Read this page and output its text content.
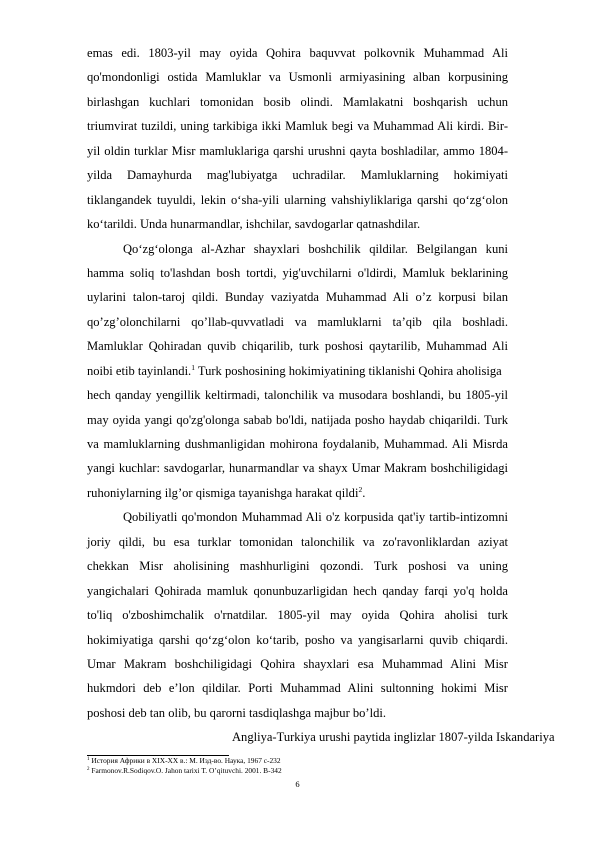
emas edi. 1803-yil may oyida Qohira baquvvat polkovnik Muhammad Ali
qo'mondonligi ostida Mamluklar va Usmonli armiyasining alban korpusining
birlashgan kuchlari tomonidan bosib olindi. Mamlakatni boshqarish uchun
triumvirat tuzildi, uning tarkibiga ikki Mamluk begi va Muhammad Ali kirdi. Bir-
yil oldin turklar Misr mamluklariga qarshi urushni qayta boshladilar, ammo 1804-
yilda Damayhurda mag'lubiyatga uchradilar. Mamluklarning hokimiyati
tiklangandek tuyuldi, lekin o‘sha-yili ularning vahshiyliklariga qarshi qo‘zg‘olon
ko‘tarildi. Unda hunarmandlar, ishchilar, savdogarlar qatnashdilar.
Qo‘zg‘olonga al-Azhar shayxlari boshchilik qildilar. Belgilangan kuni
hamma soliq to'lashdan bosh tortdi, yig'uvchilarni o'ldirdi, Mamluk beklarining
uylarini talon-taroj qildi. Bunday vaziyatda Muhammad Ali o’z korpusi bilan
qo’zg’olonchilarni qo’llab-quvvatladi va mamluklarni ta’qib qila boshladi.
Mamluklar Qohiradan quvib chiqarilib, turk poshosi qaytarilib, Muhammad Ali
noibi etib tayinlandi.$^1$ Turk poshosining hokimiyatining tiklanishi Qohira aholisiga
hech qanday yengillik keltirmadi, talonchilik va musodara boshlandi, bu 1805-yil
may oyida yangi qo'zg'olonga sabab bo'ldi, natijada posho haydab chiqarildi. Turk
va mamluklarning dushmanligidan mohirona foydalanib, Muhammad. Ali Misrda
yangi kuchlar: savdogarlar, hunarmandlar va shayx Umar Makram boshchiligidagi
ruhoniylarning ilg’or qismiga tayanishga harakat qildi$^2$.
Qobiliyatli qo'mondon Muhammad Ali o'z korpusida qat'iy tartib-intizomni
joriy qildi, bu esa turklar tomonidan talonchilik va zo'ravonliklardan aziyat
chekkan Misr aholisining mashhurligini qozondi. Turk poshosi va uning
yangichalari Qohirada mamluk qonunbuzarligidan hech qanday farqi yo'q holda
to'liq o'zboshimchalik o'rnatdilar. 1805-yil may oyida Qohira aholisi turk
hokimiyatiga qarshi qo‘zg‘olon ko‘tarib, posho va yangisarlarni quvib chiqardi.
Umar Makram boshchiligidagi Qohira shayxlari esa Muhammad Alini Misr
hukmdori deb e’lon qildilar. Porti Muhammad Alini sultonning hokimi Misr
poshosi deb tan olib, bu qarorni tasdiqlashga majbur bo’ldi.
Angliya-Turkiya urushi paytida inglizlar 1807-yilda Iskandariya
$^1$ История Африки в XIX-XX в.: М. Изд-во. Наука, 1967 с-232
$^2$ Farmonov.R.Sodiqov.O. Jahon tarixi T. O’qituvchi. 2001. B-342
6
